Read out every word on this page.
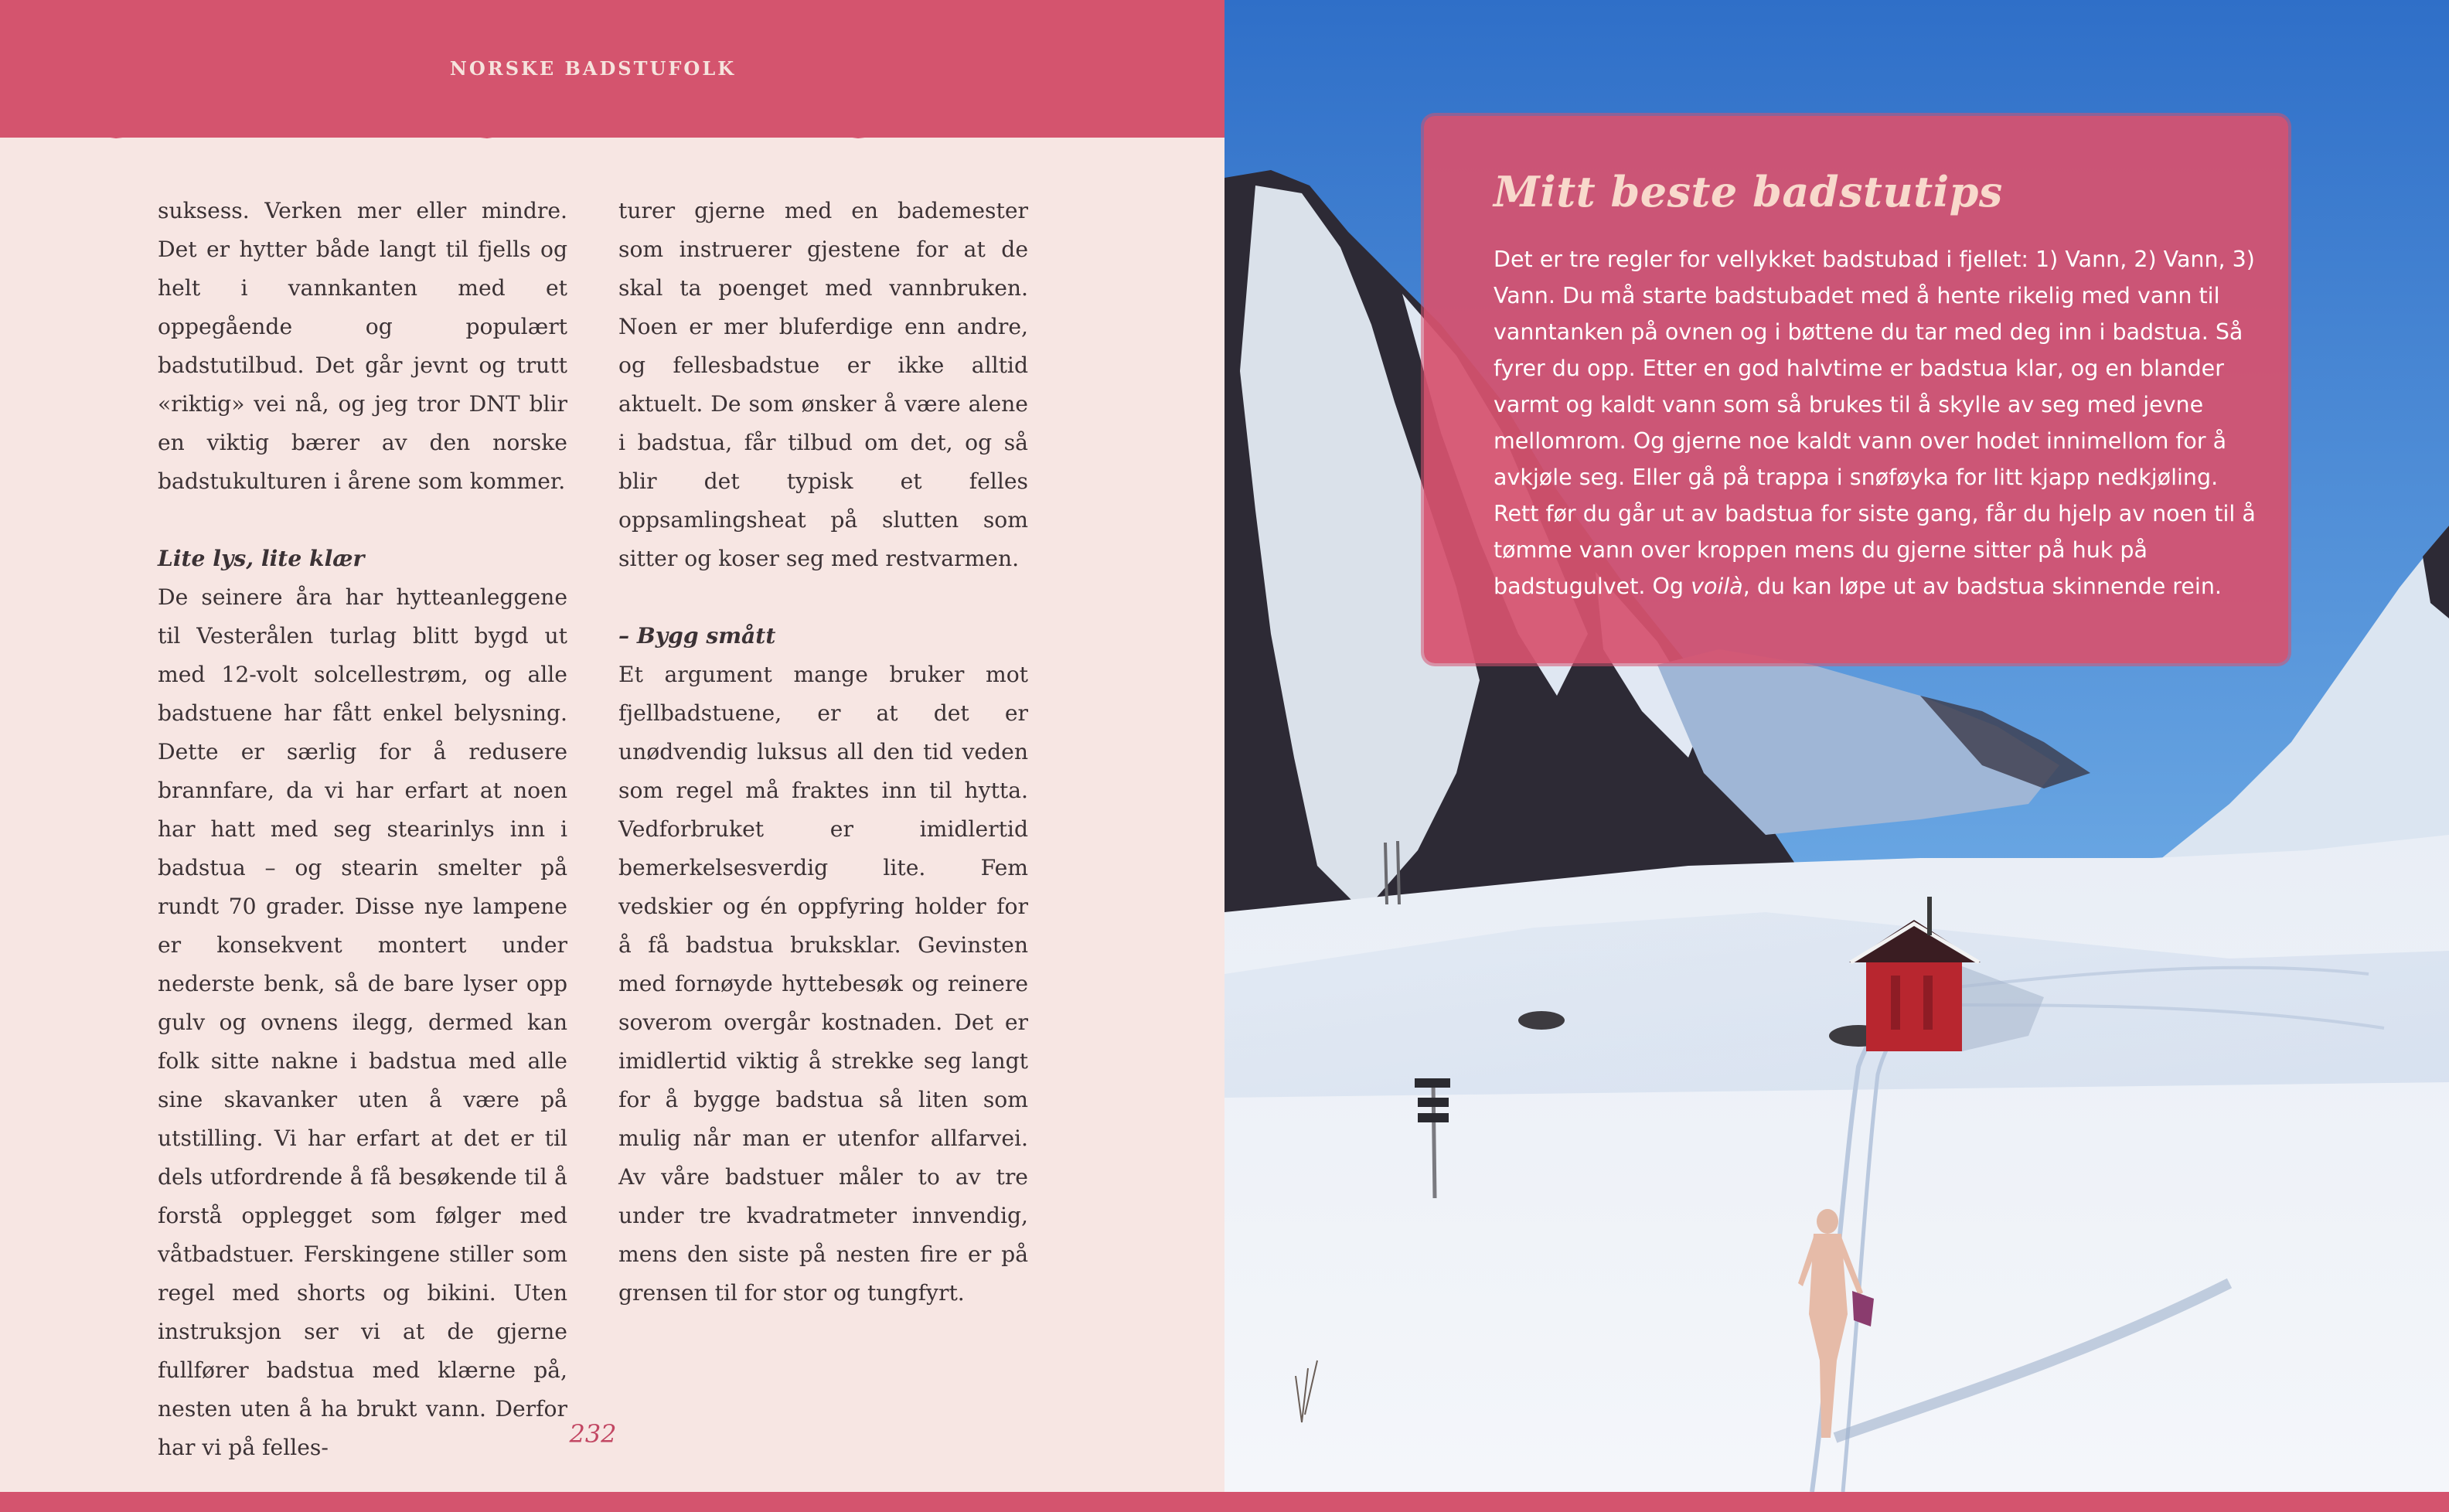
NORSKE BADSTUFOLK

suksess. Verken mer eller mindre. Det er hytter både langt til fjells og helt i vannkanten med et oppegående og populært badstutilbud. Det går jevnt og trutt «riktig» vei nå, og jeg tror DNT blir en viktig bærer av den norske badstukulturen i årene som kommer.

Lite lys, lite klær

De seinere åra har hytteanleggene til Vesterålen turlag blitt bygd ut med 12-volt solcellestrøm, og alle badstuene har fått enkel belysning. Dette er særlig for å redusere brannfare, da vi har erfart at noen har hatt med seg stearinlys inn i badstua – og stearin smelter på rundt 70 grader. Disse nye lampene er konsekvent montert under nederste benk, så de bare lyser opp gulv og ovnens ilegg, dermed kan folk sitte nakne i badstua med alle sine skavanker uten å være på utstilling. Vi har erfart at det er til dels utfordrende å få besøkende til å forstå opplegget som følger med våtbadstuer. Ferskingene stiller som regel med shorts og bikini. Uten instruksjon ser vi at de gjerne fullfører badstua med klærne på, nesten uten å ha brukt vann. Derfor har vi på felles-

turer gjerne med en bademester som instruerer gjestene for at de skal ta poenget med vannbruken. Noen er mer bluferdige enn andre, og fellesbadstue er ikke alltid aktuelt. De som ønsker å være alene i badstua, får tilbud om det, og så blir det typisk et felles oppsamlingsheat på slutten som sitter og koser seg med restvarmen.

– Bygg smått

Et argument mange bruker mot fjellbadstuene, er at det er unødvendig luksus all den tid veden som regel må fraktes inn til hytta. Vedforbruket er imidlertid bemerkelsesverdig lite. Fem vedskier og én oppfyring holder for å få badstua bruksklar. Gevinsten med fornøyde hyttebesøk og reinere soverom overgår kostnaden. Det er imidlertid viktig å strekke seg langt for å bygge badstua så liten som mulig når man er utenfor allfarvei. Av våre badstuer måler to av tre under tre kvadratmeter innvendig, mens den siste på nesten fire er på grensen til for stor og tungfyrt.

232
Mitt beste badstutips
Det er tre regler for vellykket badstubad i fjellet: 1) Vann, 2) Vann, 3) Vann. Du må starte badstubadet med å hente rikelig med vann til vanntanken på ovnen og i bøttene du tar med deg inn i badstua. Så fyrer du opp. Etter en god halvtime er badstua klar, og en blander varmt og kaldt vann som så brukes til å skylle av seg med jevne mellomrom. Og gjerne noe kaldt vann over hodet innimellom for å avkjøle seg. Eller gå på trappa i snøføyka for litt kjapp nedkjøling. Rett før du går ut av badstua for siste gang, får du hjelp av noen til å tømme vann over kroppen mens du gjerne sitter på huk på badstugulvet. Og voilà, du kan løpe ut av badstua skinnende rein.
